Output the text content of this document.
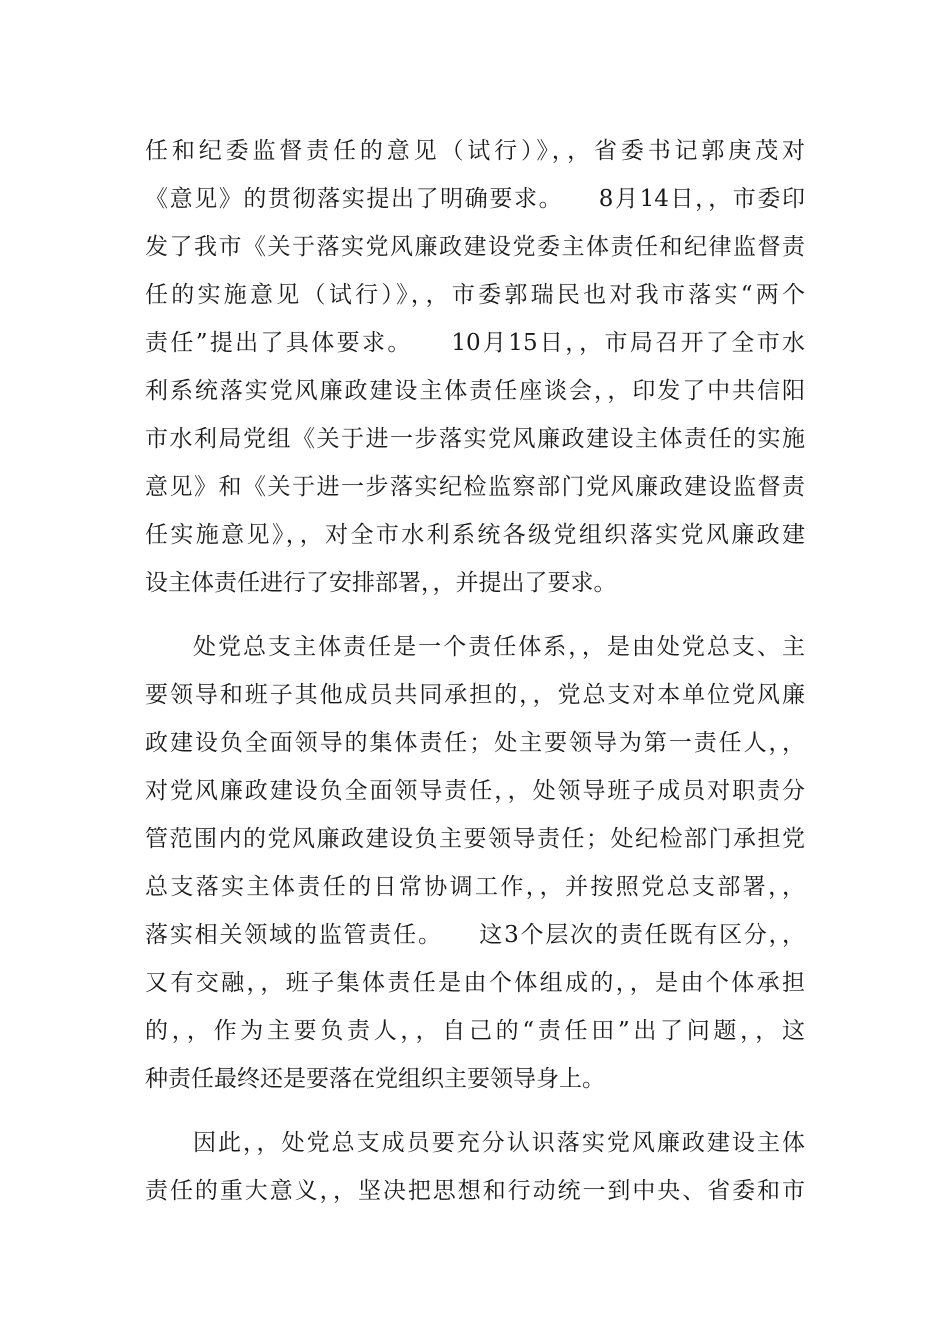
任和纪委监督责任的意见（试行）》，，省委书记郭庚茂对
《意见》的贯彻落实提出了明确要求。    8月14日，，市委印
发了我市《关于落实党风廉政建设党委主体责任和纪律监督责
任的实施意见（试行）》，，市委郭瑞民也对我市落实“两个
责任”提出了具体要求。    10月15日，，市局召开了全市水
利系统落实党风廉政建设主体责任座谈会，，印发了中共信阳
市水利局党组《关于进一步落实党风廉政建设主体责任的实施
意见》和《关于进一步落实纪检监察部门党风廉政建设监督责
任实施意见》，，对全市水利系统各级党组织落实党风廉政建
设主体责任进行了安排部署，，并提出了要求。
处党总支主体责任是一个责任体系，，是由处党总支、主
要领导和班子其他成员共同承担的，，党总支对本单位党风廉
政建设负全面领导的集体责任；处主要领导为第一责任人，，
对党风廉政建设负全面领导责任，，处领导班子成员对职责分
管范围内的党风廉政建设负主要领导责任；处纪检部门承担党
总支落实主体责任的日常协调工作，，并按照党总支部署，，
落实相关领域的监管责任。    这3个层次的责任既有区分，，
又有交融，，班子集体责任是由个体组成的，，是由个体承担
的，，作为主要负责人，，自己的“责任田”出了问题，，这
种责任最终还是要落在党组织主要领导身上。
因此，，处党总支成员要充分认识落实党风廉政建设主体
责任的重大意义，，坚决把思想和行动统一到中央、省委和市
